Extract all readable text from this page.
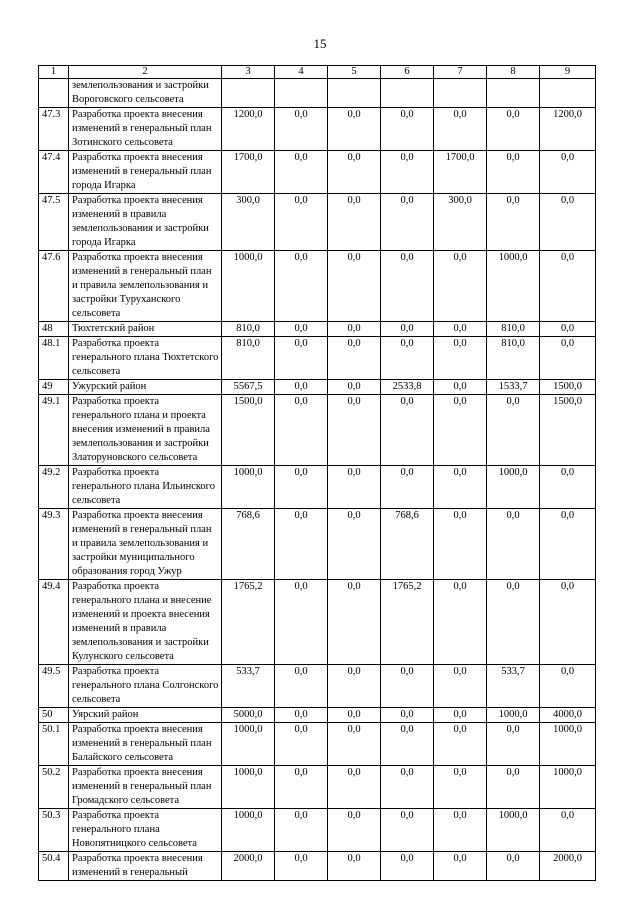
15
1	2	3	4	5	6	7	8	9
	землепользования и застройки Вороговского сельсовета							
47.3	Разработка проекта внесения изменений в генеральный план Зотинского сельсовета	1200,0	0,0	0,0	0,0	0,0	0,0	1200,0
47.4	Разработка проекта внесения изменений в генеральный план города Игарка	1700,0	0,0	0,0	0,0	1700,0	0,0	0,0
47.5	Разработка проекта внесения изменений в правила землепользования и застройки города Игарка	300,0	0,0	0,0	0,0	300,0	0,0	0,0
47.6	Разработка проекта внесения изменений в генеральный план и правила землепользования и застройки Туруханского сельсовета	1000,0	0,0	0,0	0,0	0,0	1000,0	0,0
48	Тюхтетский район	810,0	0,0	0,0	0,0	0,0	810,0	0,0
48.1	Разработка проекта генерального плана Тюхтетского сельсовета	810,0	0,0	0,0	0,0	0,0	810,0	0,0
49	Ужурский район	5567,5	0,0	0,0	2533,8	0,0	1533,7	1500,0
49.1	Разработка проекта генерального плана и проекта внесения изменений в правила землепользования и застройки Златоруновского сельсовета	1500,0	0,0	0,0	0,0	0,0	0,0	1500,0
49.2	Разработка проекта генерального плана Ильинского сельсовета	1000,0	0,0	0,0	0,0	0,0	1000,0	0,0
49.3	Разработка проекта внесения изменений в генеральный план и правила землепользования и застройки муниципального образования город Ужур	768,6	0,0	0,0	768,6	0,0	0,0	0,0
49.4	Разработка проекта генерального плана и внесение изменений и проекта внесения изменений в правила землепользования и застройки Кулунского сельсовета	1765,2	0,0	0,0	1765,2	0,0	0,0	0,0
49.5	Разработка проекта генерального плана Солгонского сельсовета	533,7	0,0	0,0	0,0	0,0	533,7	0,0
50	Уярский район	5000,0	0,0	0,0	0,0	0,0	1000,0	4000,0
50.1	Разработка проекта внесения изменений в генеральный план Балайского сельсовета	1000,0	0,0	0,0	0,0	0,0	0,0	1000,0
50.2	Разработка проекта внесения изменений в генеральный план Громадского сельсовета	1000,0	0,0	0,0	0,0	0,0	0,0	1000,0
50.3	Разработка проекта генерального плана Новопятницкого сельсовета	1000,0	0,0	0,0	0,0	0,0	1000,0	0,0
50.4	Разработка проекта внесения изменений в генеральный	2000,0	0,0	0,0	0,0	0,0	0,0	2000,0
